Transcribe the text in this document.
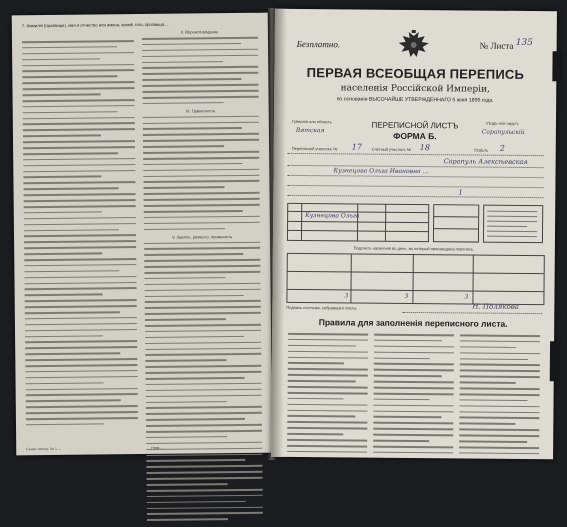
7. Фамилія (прозвище), имя и отчество или имена, кромѣ того, прозвища ...
II. Вѣроисповѣданіе.
III. Грамотность
V. Занятіе, ремесло, промыселъ
Сенат. типогр. № 1 ...	Нива ...
Безплатно.	№ Листа 135
ПЕРВАЯ ВСЕОБЩАЯ ПЕРЕПИСЬ
населенія Россійской Имперіи,
по основаніи ВЫСОЧАЙШЕ УТВЕРЖДЕННАГО 5 іюня 1895 года.
Губернія или область
Вятская
Уѣздъ или округъ
Сарапульскій
ПЕРЕПИСНОЙ ЛИСТЪ
ФОРМА Б.
Переписной участокъ № 17 Счетный участокъ № 18	Отдѣлъ 2
Сарапуль Алексѣевская
Кузнецова Ольга Ивановна ...
1
Кузнецова Ольга
Подсчетъ населенія въ день, въ который произведена перепись.
3	3	3
Подпись счетчика, собравшаго листы.	Н. Полякова
Правила для заполненія переписного листа.
